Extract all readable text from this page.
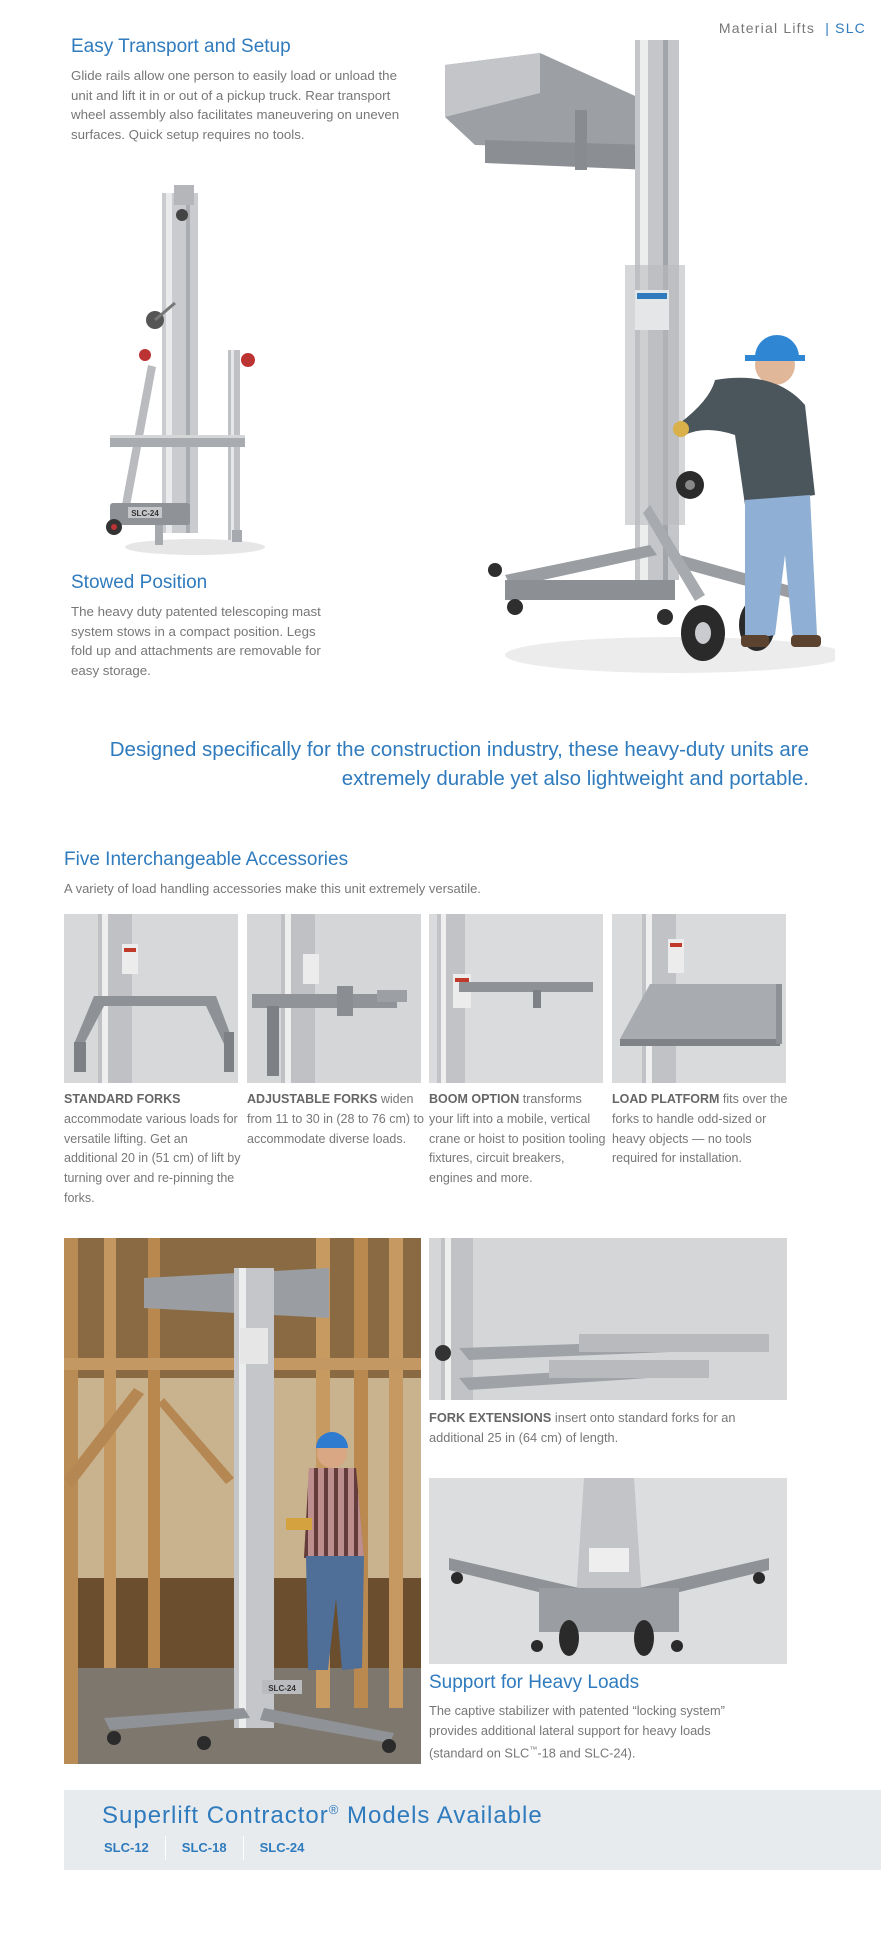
Material Lifts | SLC
Easy Transport and Setup

Glide rails allow one person to easily load or unload the unit and lift it in or out of a pickup truck. Rear transport wheel assembly also facilitates maneuvering on uneven surfaces. Quick setup requires no tools.

SLC-24
Stowed Position

The heavy duty patented telescoping mast system stows in a compact position. Legs fold up and attachments are removable for easy storage.

Designed specifically for the construction industry, these heavy-duty units are
extremely durable yet also lightweight and portable.
Five Interchangeable Accessories

A variety of load handling accessories make this unit extremely versatile.

STANDARD FORKS accommodate various loads for versatile lifting. Get an additional 20 in (51 cm) of lift by turning over and re-pinning the forks.
ADJUSTABLE FORKS widen from 11 to 30 in (28 to 76 cm) to accommodate diverse loads.
BOOM OPTION transforms your lift into a mobile, vertical crane or hoist to position tooling fixtures, circuit breakers, engines and more.
LOAD PLATFORM fits over the forks to handle odd-sized or heavy objects — no tools required for installation.
SLC-24
FORK EXTENSIONS insert onto standard forks for an additional 25 in (64 cm) of length.
Support for Heavy Loads

The captive stabilizer with patented “locking system” provides additional lateral support for heavy loads (standard on SLC™-18 and SLC-24).

Superlift Contractor® Models Available
SLC-12	SLC-18	SLC-24
